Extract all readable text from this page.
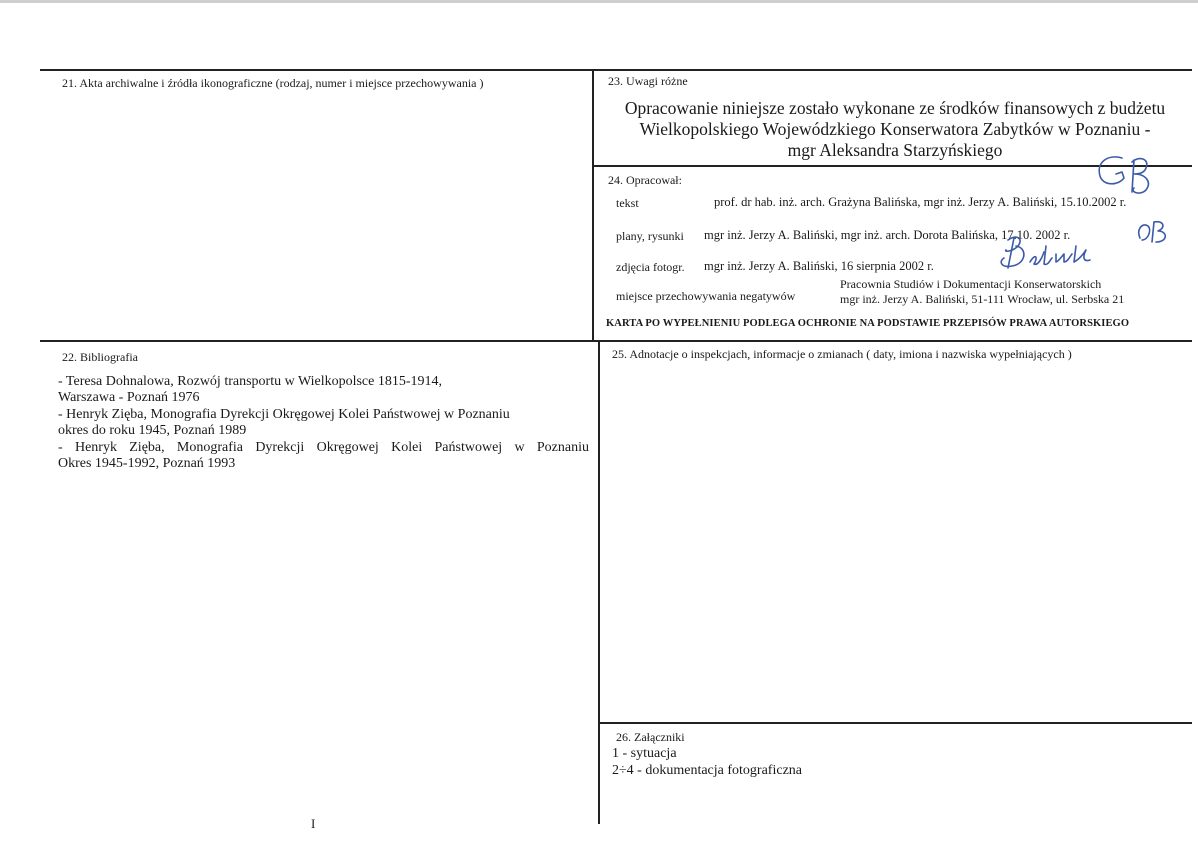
21. Akta archiwalne i źródła ikonograficzne (rodzaj, numer i miejsce przechowywania )	23. Uwagi różne
Opracowanie niniejsze zostało wykonane ze środków finansowych z budżetu
Wielkopolskiego Wojewódzkiego Konserwatora Zabytków w Poznaniu -
mgr Aleksandra Starzyńskiego
24. Opracował:
tekst	prof. dr hab. inż. arch. Grażyna Balińska, mgr inż. Jerzy A. Baliński, 15.10.2002 r.
plany, rysunki mgr inż. Jerzy A. Baliński, mgr inż. arch. Dorota Balińska, 17.10. 2002 r.
zdjęcia fotogr. mgr inż. Jerzy A. Baliński, 16 sierpnia 2002 r.
miejsce przechowywania negatywów
Pracownia Studiów i Dokumentacji Konserwatorskich
mgr inż. Jerzy A. Baliński, 51-111 Wrocław, ul. Serbska 21
KARTA PO WYPEŁNIENIU PODLEGA OCHRONIE NA PODSTAWIE PRZEPISÓW PRAWA AUTORSKIEGO
22. Bibliografia
- Teresa Dohnalowa, Rozwój transportu w Wielkopolsce 1815-1914,
Warszawa - Poznań 1976
- Henryk Zięba, Monografia Dyrekcji Okręgowej Kolei Państwowej w Poznaniu
okres do roku 1945, Poznań 1989
- Henryk Zięba, Monografia Dyrekcji Okręgowej Kolei Państwowej w Poznaniu
Okres 1945-1992, Poznań 1993
25. Adnotacje o inspekcjach, informacje o zmianach ( daty, imiona i nazwiska wypełniających )
26. Załączniki
1 - sytuacja
2÷4 - dokumentacja fotograficzna
I
